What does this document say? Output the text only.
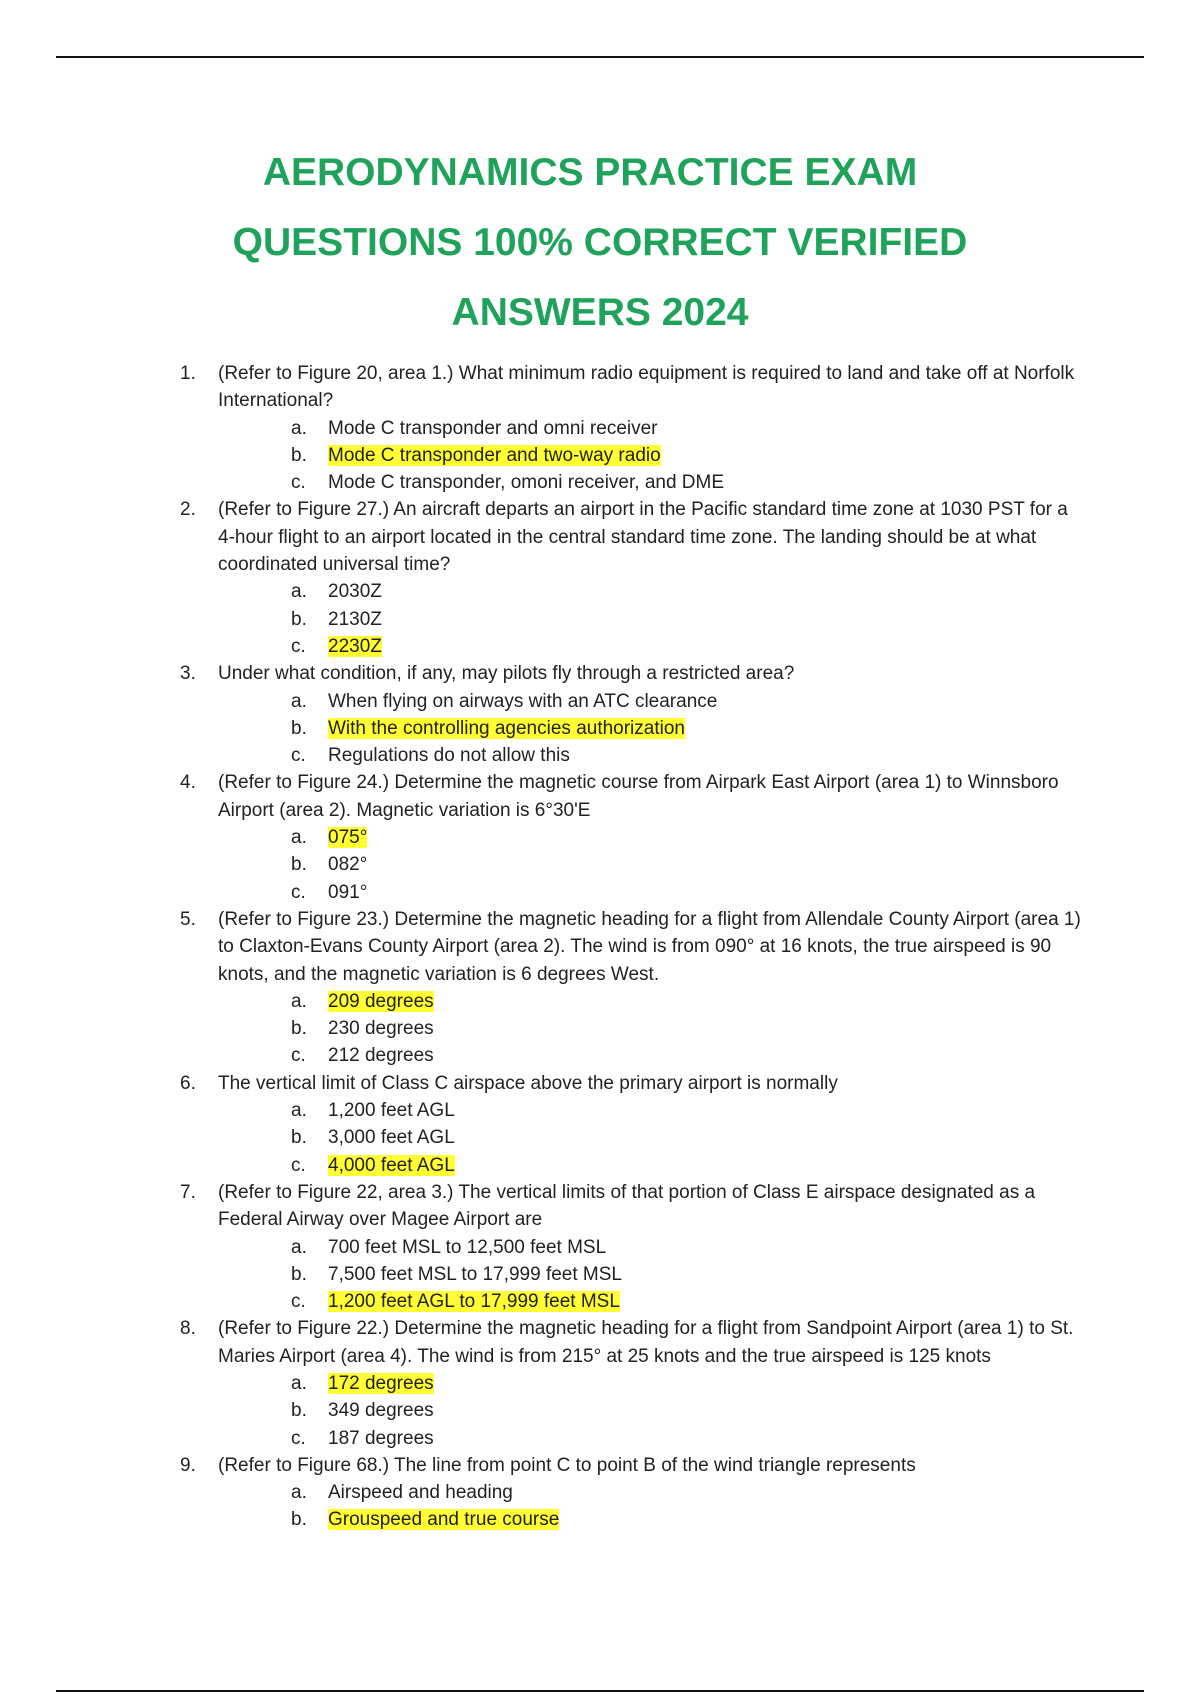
AERODYNAMICS PRACTICE EXAM
QUESTIONS 100% CORRECT VERIFIED
ANSWERS 2024
1. (Refer to Figure 20, area 1.) What minimum radio equipment is required to land and take off at Norfolk International?
a. Mode C transponder and omni receiver
b. Mode C transponder and two-way radio
c. Mode C transponder, omoni receiver, and DME
2. (Refer to Figure 27.) An aircraft departs an airport in the Pacific standard time zone at 1030 PST for a 4-hour flight to an airport located in the central standard time zone. The landing should be at what coordinated universal time?
a. 2030Z
b. 2130Z
c. 2230Z
3. Under what condition, if any, may pilots fly through a restricted area?
a. When flying on airways with an ATC clearance
b. With the controlling agencies authorization
c. Regulations do not allow this
4. (Refer to Figure 24.) Determine the magnetic course from Airpark East Airport (area 1) to Winnsboro Airport (area 2). Magnetic variation is 6°30'E
a. 075°
b. 082°
c. 091°
5. (Refer to Figure 23.) Determine the magnetic heading for a flight from Allendale County Airport (area 1) to Claxton-Evans County Airport (area 2). The wind is from 090° at 16 knots, the true airspeed is 90 knots, and the magnetic variation is 6 degrees West.
a. 209 degrees
b. 230 degrees
c. 212 degrees
6. The vertical limit of Class C airspace above the primary airport is normally
a. 1,200 feet AGL
b. 3,000 feet AGL
c. 4,000 feet AGL
7. (Refer to Figure 22, area 3.) The vertical limits of that portion of Class E airspace designated as a Federal Airway over Magee Airport are
a. 700 feet MSL to 12,500 feet MSL
b. 7,500 feet MSL to 17,999 feet MSL
c. 1,200 feet AGL to 17,999 feet MSL
8. (Refer to Figure 22.) Determine the magnetic heading for a flight from Sandpoint Airport (area 1) to St. Maries Airport (area 4). The wind is from 215° at 25 knots and the true airspeed is 125 knots
a. 172 degrees
b. 349 degrees
c. 187 degrees
9. (Refer to Figure 68.) The line from point C to point B of the wind triangle represents
a. Airspeed and heading
b. Grouspeed and true course
